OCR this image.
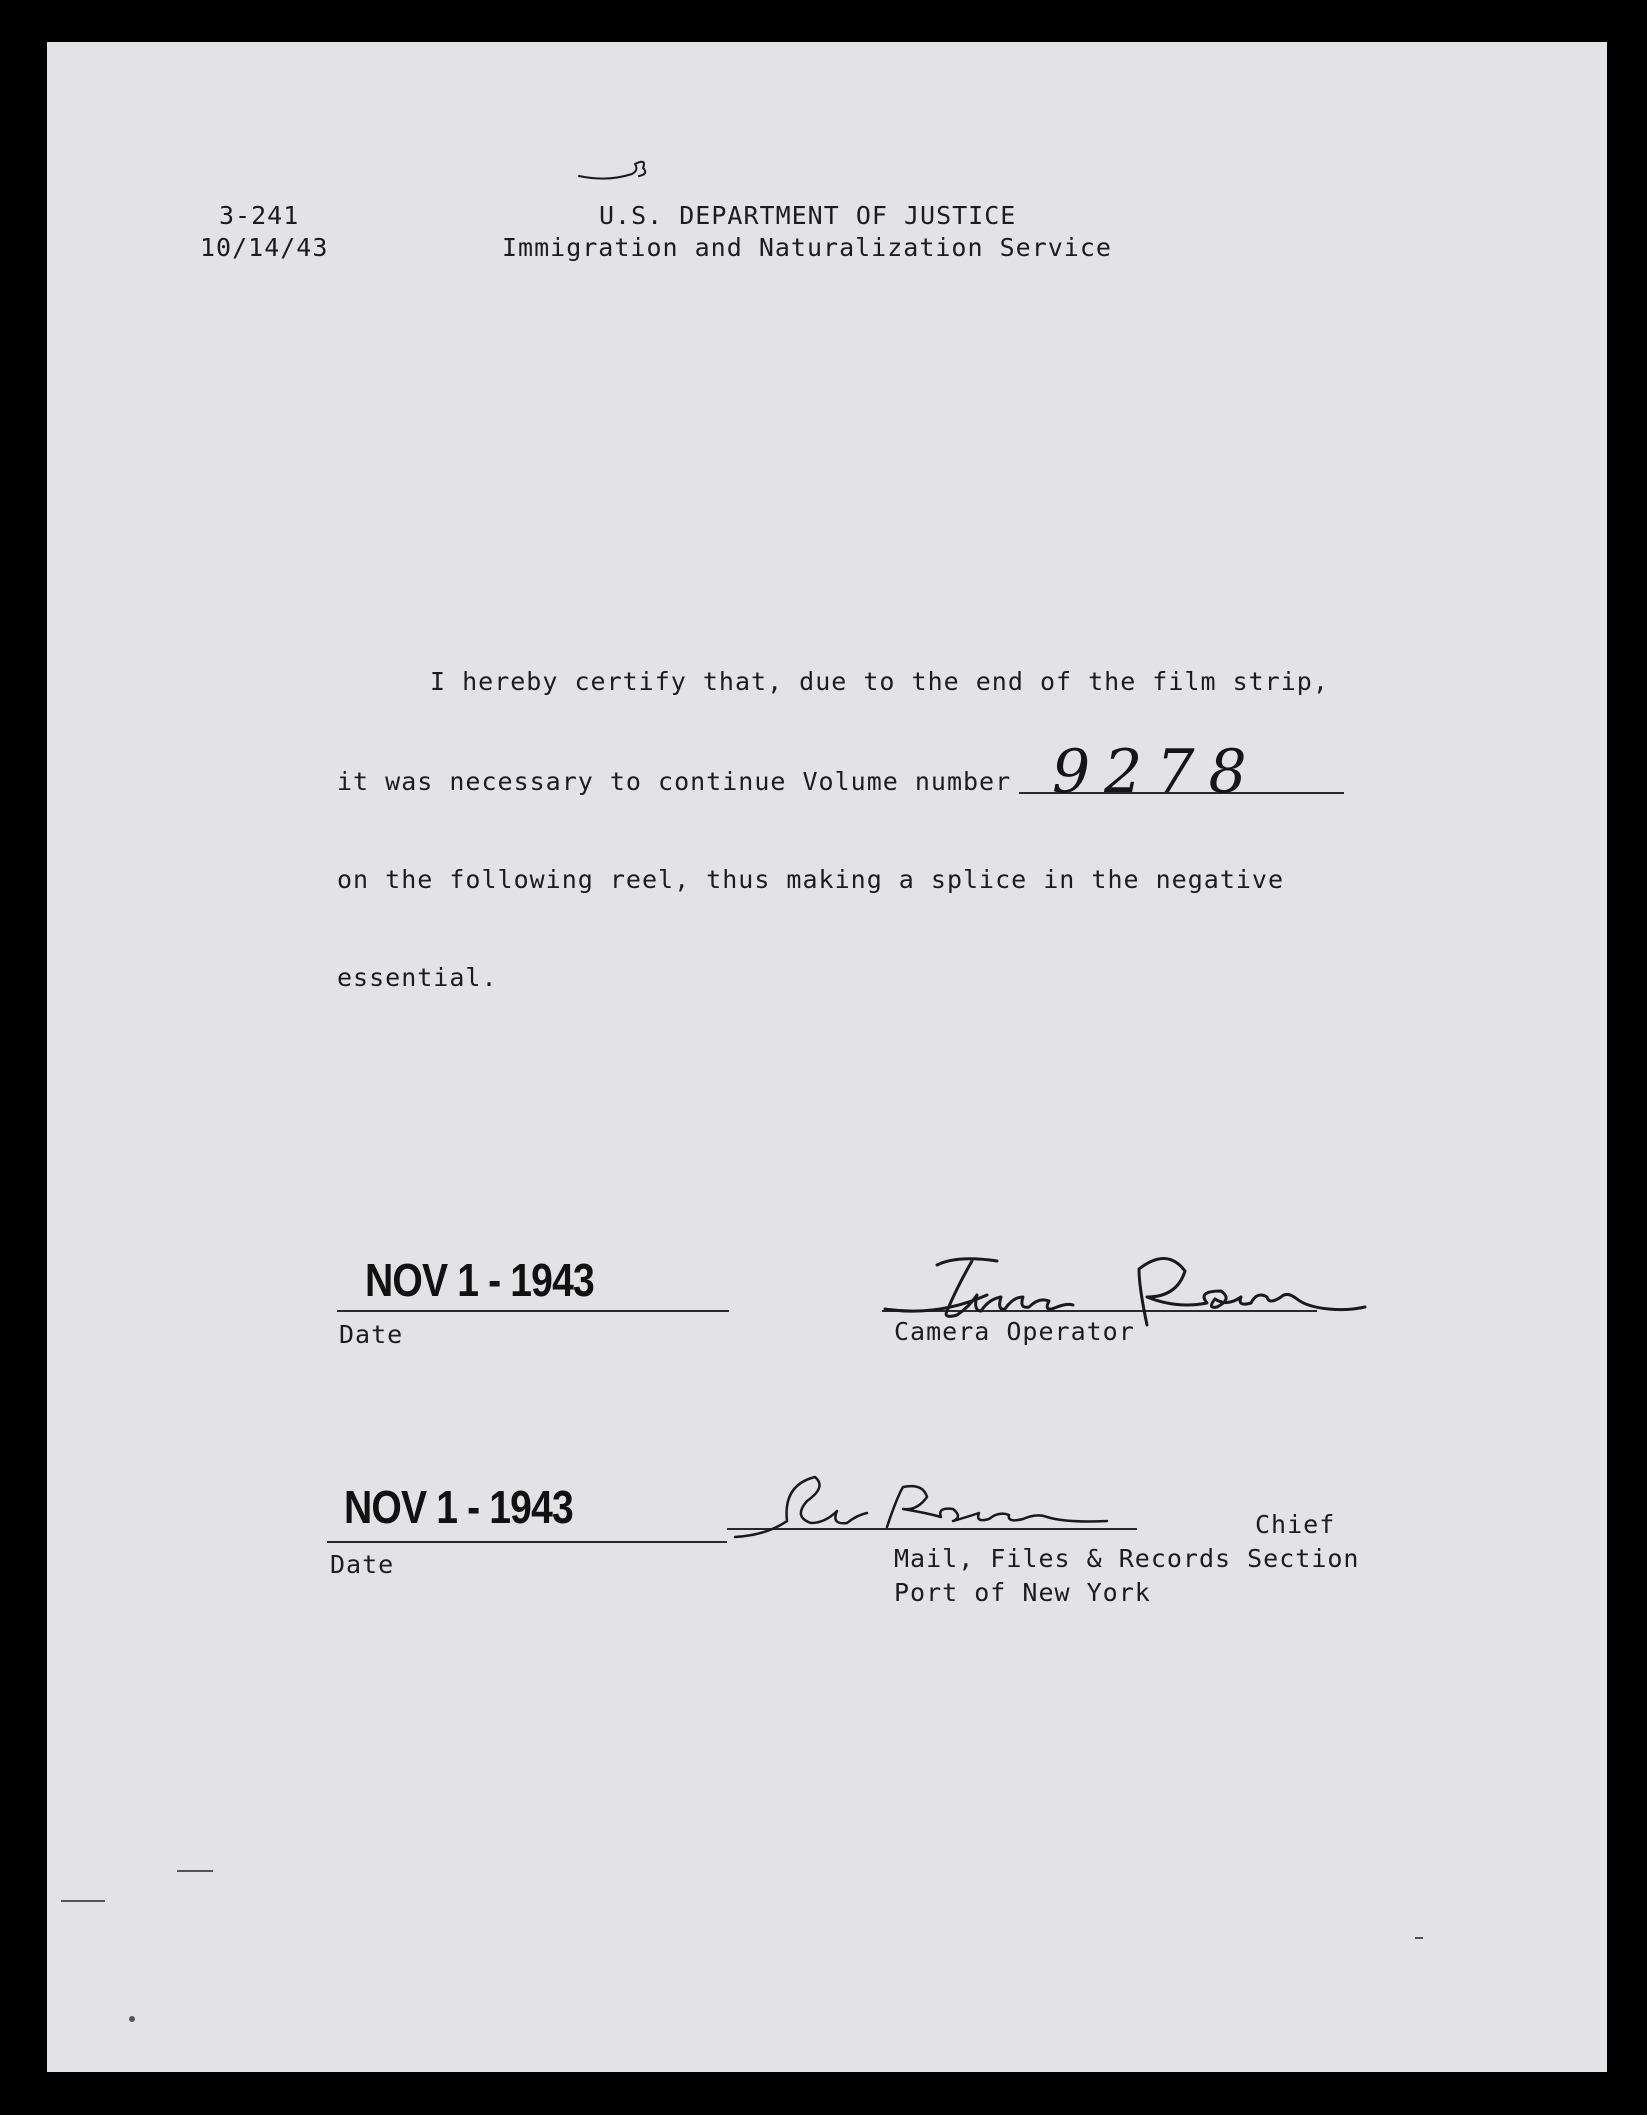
3-241
10/14/43
U.S. DEPARTMENT OF JUSTICE
Immigration and Naturalization Service
I hereby certify that, due to the end of the film strip,
it was necessary to continue Volume number 9278
on the following reel, thus making a splice in the negative
essential.
NOV 1 - 1943
Date	Camera Operator
NOV 1 - 1943
Date
Chief
Mail, Files & Records Section
Port of New York
